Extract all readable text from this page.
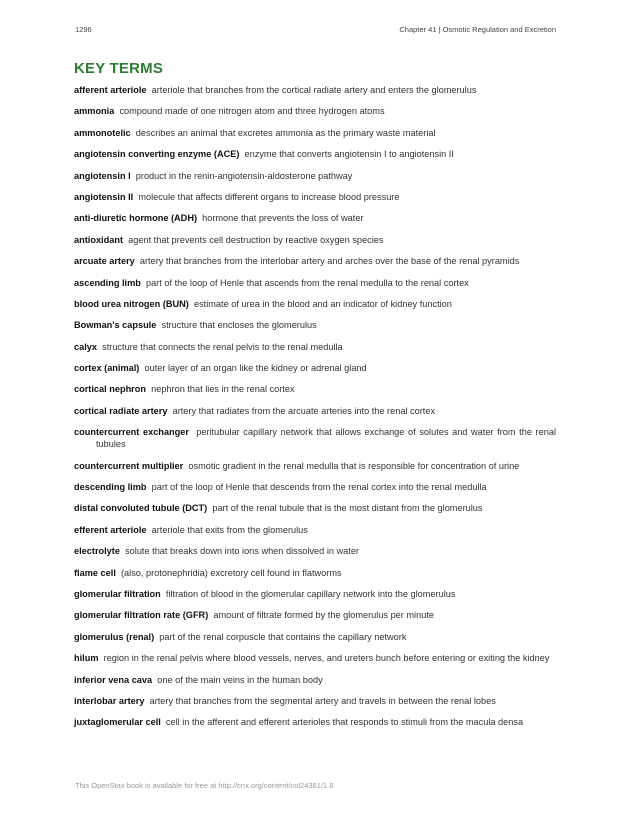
1296	Chapter 41 | Osmotic Regulation and Excretion
KEY TERMS

afferent arteriole arteriole that branches from the cortical radiate artery and enters the glomerulus

ammonia compound made of one nitrogen atom and three hydrogen atoms

ammonotelic describes an animal that excretes ammonia as the primary waste material

angiotensin converting enzyme (ACE) enzyme that converts angiotensin I to angiotensin II

angiotensin I product in the renin-angiotensin-aldosterone pathway

angiotensin II molecule that affects different organs to increase blood pressure

anti-diuretic hormone (ADH) hormone that prevents the loss of water

antioxidant agent that prevents cell destruction by reactive oxygen species

arcuate artery artery that branches from the interlobar artery and arches over the base of the renal pyramids

ascending limb part of the loop of Henle that ascends from the renal medulla to the renal cortex

blood urea nitrogen (BUN) estimate of urea in the blood and an indicator of kidney function

Bowman's capsule structure that encloses the glomerulus

calyx structure that connects the renal pelvis to the renal medulla

cortex (animal) outer layer of an organ like the kidney or adrenal gland

cortical nephron nephron that lies in the renal cortex

cortical radiate artery artery that radiates from the arcuate arteries into the renal cortex

countercurrent exchanger peritubular capillary network that allows exchange of solutes and water from the renal tubules

countercurrent multiplier osmotic gradient in the renal medulla that is responsible for concentration of urine

descending limb part of the loop of Henle that descends from the renal cortex into the renal medulla

distal convoluted tubule (DCT) part of the renal tubule that is the most distant from the glomerulus

efferent arteriole arteriole that exits from the glomerulus

electrolyte solute that breaks down into ions when dissolved in water

flame cell (also, protonephridia) excretory cell found in flatworms

glomerular filtration filtration of blood in the glomerular capillary network into the glomerulus

glomerular filtration rate (GFR) amount of filtrate formed by the glomerulus per minute

glomerulus (renal) part of the renal corpuscle that contains the capillary network

hilum region in the renal pelvis where blood vessels, nerves, and ureters bunch before entering or exiting the kidney

inferior vena cava one of the main veins in the human body

interlobar artery artery that branches from the segmental artery and travels in between the renal lobes

juxtaglomerular cell cell in the afferent and efferent arterioles that responds to stimuli from the macula densa

This OpenStax book is available for free at http://cnx.org/content/col24361/1.8
